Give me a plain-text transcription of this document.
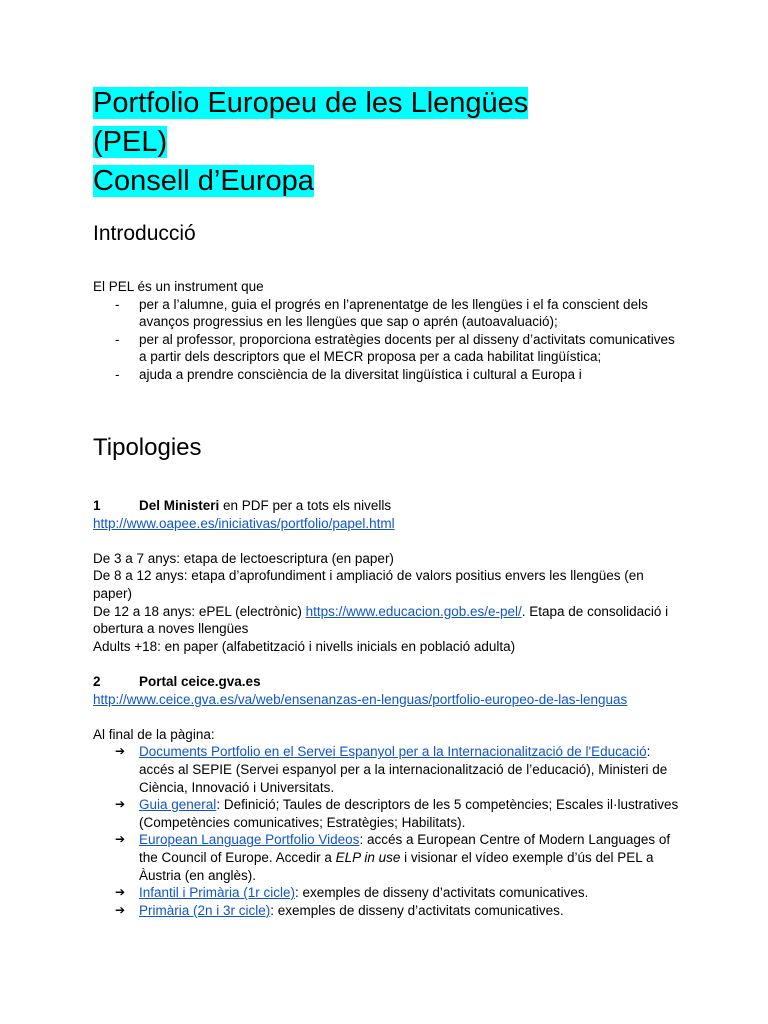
Portfolio Europeu de les Llengües
(PEL)
Consell d’Europa
Introducció

El PEL és un instrument que

- per a l’alumne, guia el progrés en l’aprenentatge de les llengües i el fa conscient dels avanços progressius en les llengües que sap o aprén (autoavaluació);
- per al professor, proporciona estratègies docents per al disseny d’activitats comunicatives a partir dels descriptors que el MECR proposa per a cada habilitat lingüística;
- ajuda a prendre consciència de la diversitat lingüística i cultural a Europa i
Tipologies

1	Del Ministeri en PDF per a tots els nivells

http://www.oapee.es/iniciativas/portfolio/papel.html

De 3 a 7 anys: etapa de lectoescriptura (en paper)

De 8 a 12 anys: etapa d’aprofundiment i ampliació de valors positius envers les llengües (en paper)

De 12 a 18 anys: ePEL (electrònic) https://www.educacion.gob.es/e-pel/. Etapa de consolidació i obertura a noves llengües

Adults +18: en paper (alfabetització i nivells inicials en població adulta)

2	Portal ceice.gva.es

http://www.ceice.gva.es/va/web/ensenanzas-en-lenguas/portfolio-europeo-de-las-lenguas

Al final de la pàgina:

➔ Documents Portfolio en el Servei Espanyol per a la Internacionalització de l'Educació: accés al SEPIE (Servei espanyol per a la internacionalització de l’educació), Ministeri de Ciència, Innovació i Universitats.
➔ Guia general: Definició; Taules de descriptors de les 5 competències; Escales il·lustratives (Competències comunicatives; Estratègies; Habilitats).
➔ European Language Portfolio Videos: accés a European Centre of Modern Languages of the Council of Europe. Accedir a ELP in use i visionar el vídeo exemple d’ús del PEL a Àustria (en anglès).
➔ Infantil i Primària (1r cicle): exemples de disseny d’activitats comunicatives.
➔ Primària (2n i 3r cicle): exemples de disseny d’activitats comunicatives.
